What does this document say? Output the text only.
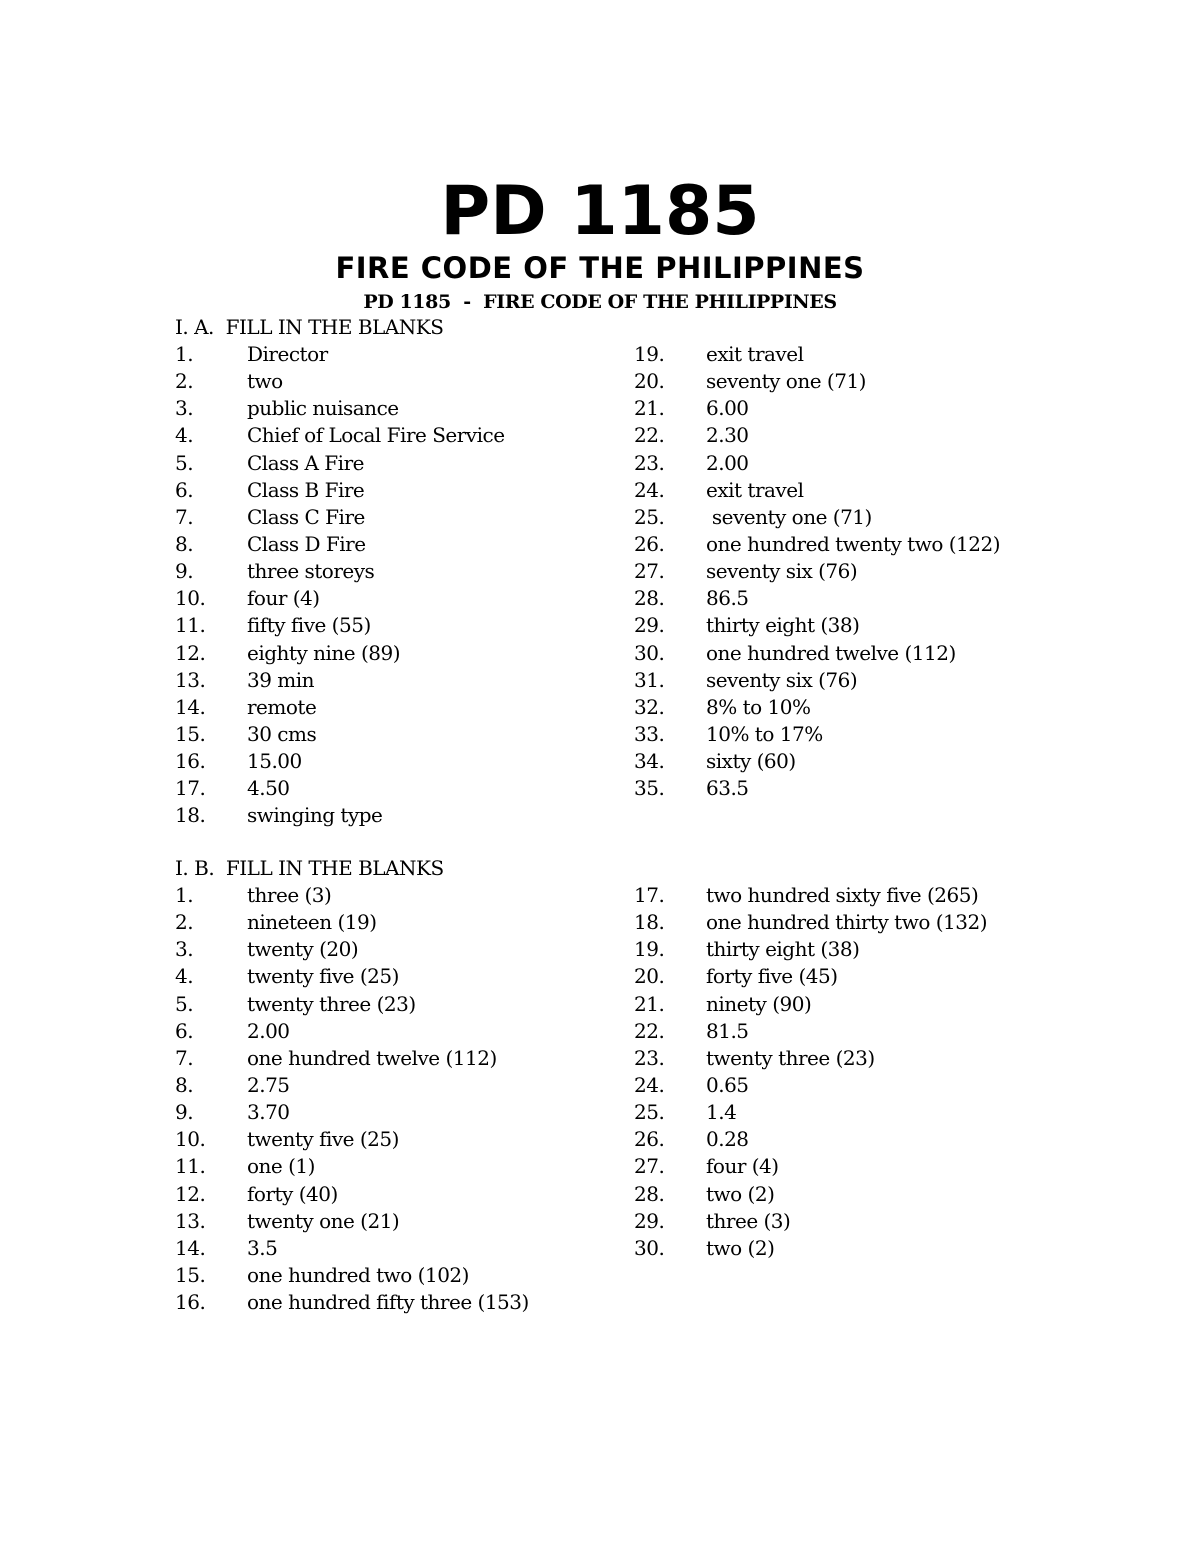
PD 1185
FIRE CODE OF THE PHILIPPINES
PD 1185  -  FIRE CODE OF THE PHILIPPINES
I. A.  FILL IN THE BLANKS
1.	Director
2.	two
3.	public nuisance
4.	Chief of Local Fire Service
5.	Class A Fire
6.	Class B Fire
7.	Class C Fire
8.	Class D Fire
9.	three storeys
10. four (4)
11. fifty five (55)
12. eighty nine (89)
13. 39 min
14. remote
15. 30 cms
16. 15.00
17. 4.50
18. swinging type
19. exit travel
20. seventy one (71)
21. 6.00
22. 2.30
23. 2.00
24. exit travel
25. seventy one (71)
26. one hundred twenty two (122)
27. seventy six (76)
28. 86.5
29. thirty eight (38)
30. one hundred twelve (112)
31. seventy six (76)
32. 8% to 10%
33. 10% to 17%
34. sixty (60)
35. 63.5
I. B.  FILL IN THE BLANKS
1.	three (3)
2.	nineteen (19)
3.	twenty (20)
4.	twenty five (25)
5.	twenty three (23)
6.	2.00
7.	one hundred twelve (112)
8.	2.75
9.	3.70
10. twenty five (25)
11. one (1)
12. forty (40)
13. twenty one (21)
14. 3.5
15. one hundred two (102)
16. one hundred fifty three (153)
17. two hundred sixty five (265)
18. one hundred thirty two (132)
19. thirty eight (38)
20. forty five (45)
21. ninety (90)
22. 81.5
23. twenty three (23)
24. 0.65
25. 1.4
26. 0.28
27. four (4)
28. two (2)
29. three (3)
30. two (2)
